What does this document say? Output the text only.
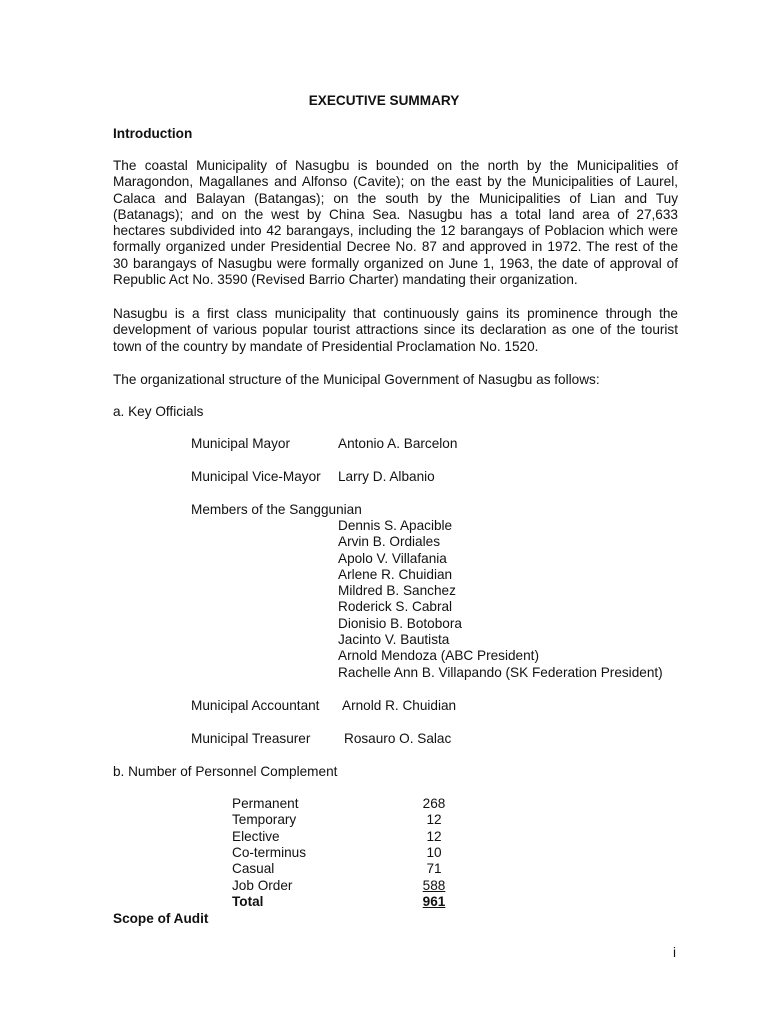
EXECUTIVE SUMMARY
Introduction
The coastal Municipality of Nasugbu is bounded on the north by the Municipalities of
Maragondon, Magallanes and Alfonso (Cavite); on the east by the Municipalities of Laurel,
Calaca and Balayan (Batangas); on the south by the Municipalities of Lian and Tuy
(Batanags); and on the west by China Sea. Nasugbu has a total land area of 27,633
hectares subdivided into 42 barangays, including the 12 barangays of Poblacion which were
formally organized under Presidential Decree No. 87 and approved in 1972. The rest of the
30 barangays of Nasugbu were formally organized on June 1, 1963, the date of approval of
Republic Act No. 3590 (Revised Barrio Charter) mandating their organization.
Nasugbu is a first class municipality that continuously gains its prominence through the
development of various popular tourist attractions since its declaration as one of the tourist
town of the country by mandate of Presidential Proclamation No. 1520.
The organizational structure of the Municipal Government of Nasugbu as follows:
a. Key Officials
Municipal Mayor	Antonio A. Barcelon
Municipal Vice-Mayor Larry D. Albanio
Members of the Sanggunian
Dennis S. Apacible
Arvin B. Ordiales
Apolo V. Villafania
Arlene R. Chuidian
Mildred B. Sanchez
Roderick S. Cabral
Dionisio B. Botobora
Jacinto V. Bautista
Arnold Mendoza (ABC President)
Rachelle Ann B. Villapando (SK Federation President)
Municipal Accountant Arnold R. Chuidian
Municipal Treasurer Rosauro O. Salac
b. Number of Personnel Complement
Permanent	268
Temporary	12
Elective	12
Co-terminus	10
Casual	71
Job Order	588
Total	961
Scope of Audit
i
